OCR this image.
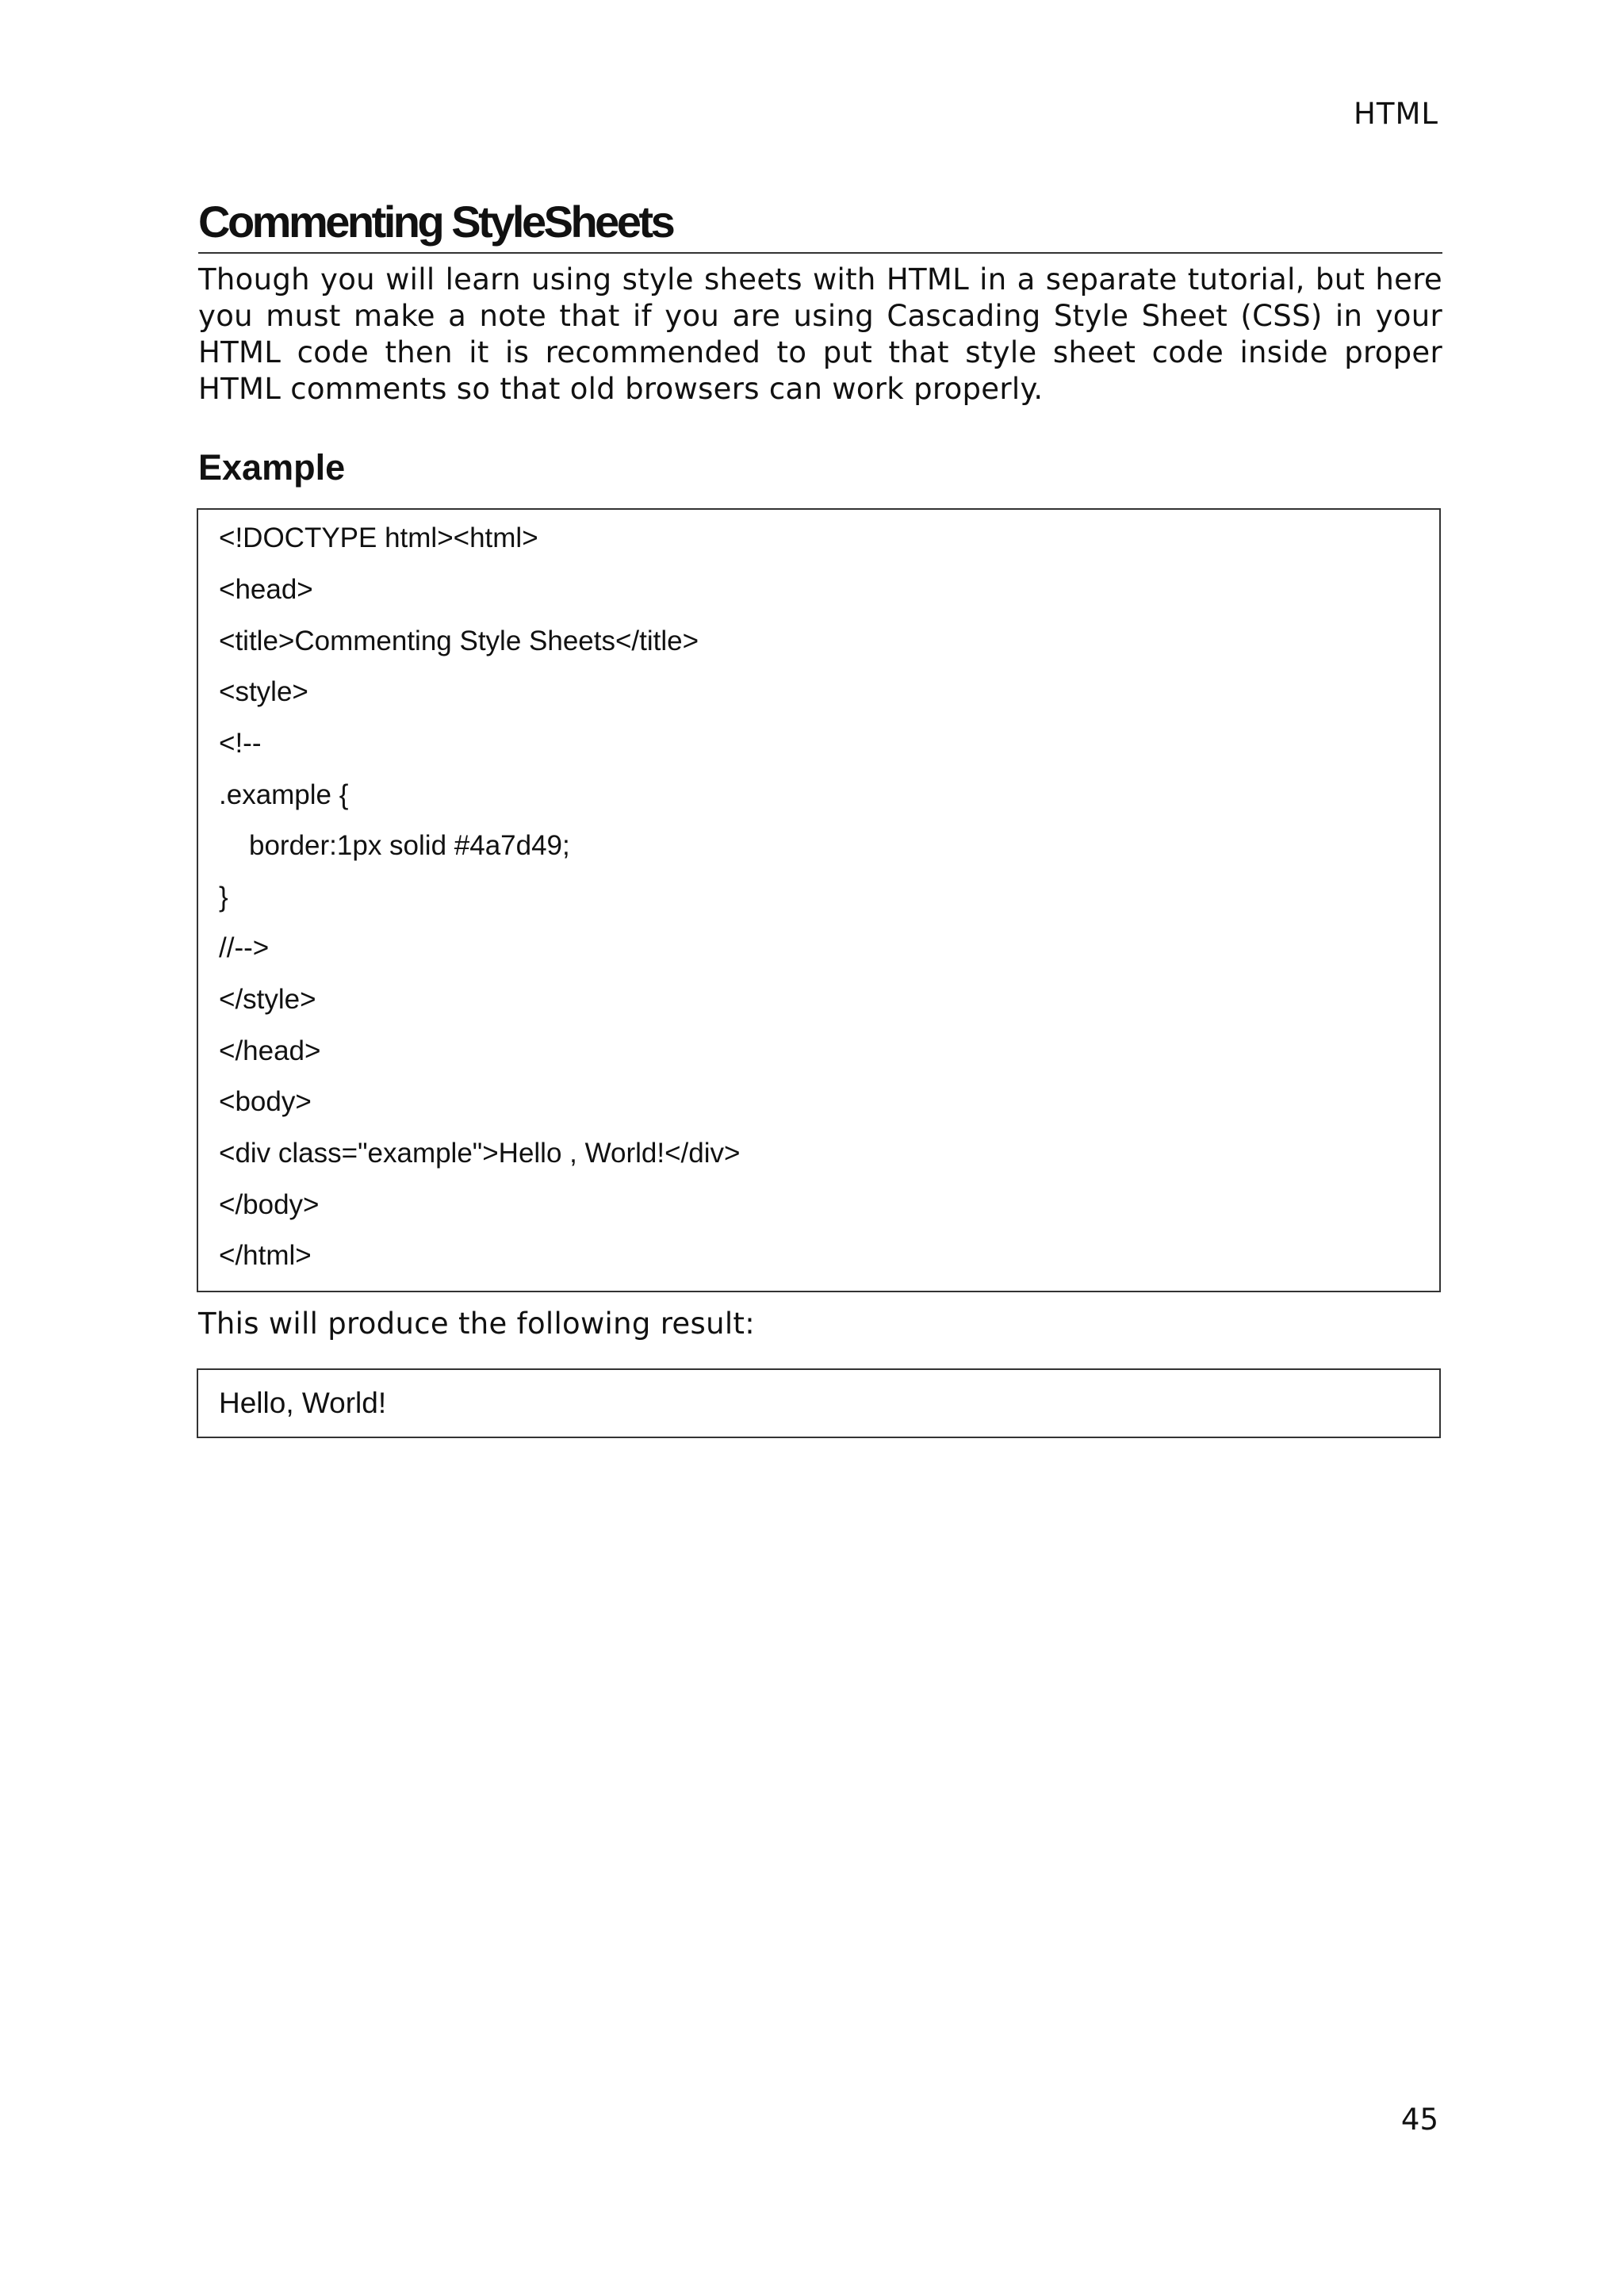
HTML
Commenting StyleSheets

Though you will learn using style sheets with HTML in a separate tutorial, but here you must make a note that if you are using Cascading Style Sheet (CSS) in your HTML code then it is recommended to put that style sheet code inside proper HTML comments so that old browsers can work properly.

Example
<!DOCTYPE html><html>
<head>
<title>Commenting Style Sheets</title>
<style>
<!--
.example {
border:1px solid #4a7d49;
}
//-->
</style>
</head>
<body>
<div class="example">Hello , World!</div>
</body>
</html>

This will produce the following result:

Hello, World!
45
